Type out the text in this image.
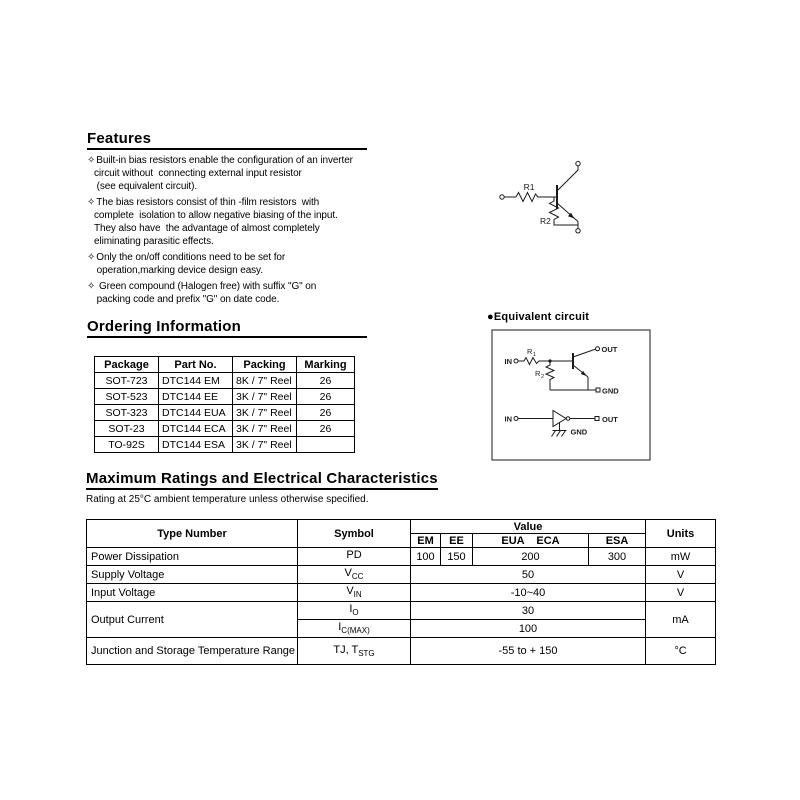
Features
✧Built-in bias resistors enable the configuration of an inverter
circuit without  connecting external input resistor
(see equivalent circuit).
✧The bias resistors consist of thin -film resistors  with
complete  isolation to allow negative biasing of the input.
They also have  the advantage of almost completely
eliminating parasitic effects.
✧Only the on/off conditions need to be set for
operation,marking device design easy.
✧ Green compound (Halogen free) with suffix "G" on
packing code and prefix "G" on date code.
R1
R2
●Equivalent circuit
IN
R 1
R 2
OUT
GND
IN	OUT
GND
Ordering Information
Package	Part No.	Packing	Marking
SOT-723	DTC144 EM	8K / 7" Reel	26
SOT-523	DTC144 EE	3K / 7" Reel	26
SOT-323	DTC144 EUA	3K / 7" Reel	26
SOT-23	DTC144 ECA	3K / 7" Reel	26
TO-92S	DTC144 ESA	3K / 7" Reel	
Maximum Ratings and Electrical Characteristics
Rating at 25°C ambient temperature unless otherwise specified.
Type Number	Symbol	Value				Units
		EM	EE	EUA    ECA	ESA	
Power Dissipation	PD	100	150	200	300	mW
Supply Voltage	$V_{CC}$	50				V
Input Voltage	$V_{IN}$	-10~40				V
Output Current	$I_O$	30				mA
	$I_{C(MAX)}$	100				
Junction and Storage Temperature Range	TJ, $T_{STG}$	-55 to + 150				°C
